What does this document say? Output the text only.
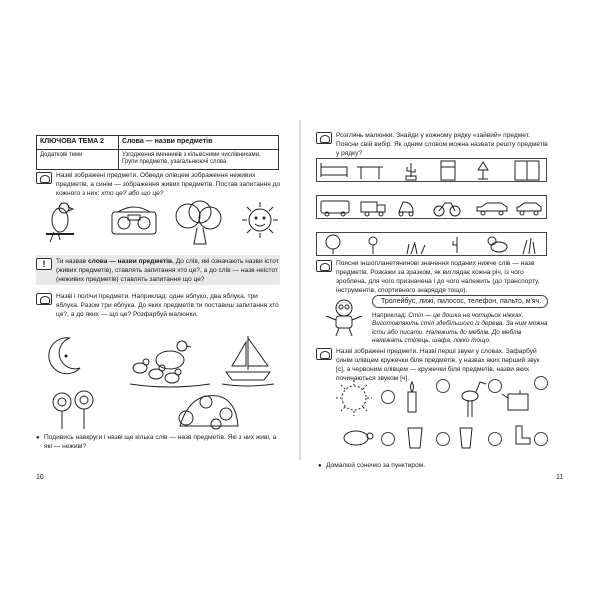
КЛЮЧОВА ТЕМА 2	Слова — назви предметів
Додаткові теми	Узгодження іменників з кількісними числівниками. Групи предметів, узагальнюючі слова
Назві зображені предмети. Обведи олівцем зображення неживих предметів, а синім — зображення живих предметів. Постав запитання до кожного з них: хто це? або що це?
!	Ти назвав слова — назви предметів. До слів, які означають назви істот (живих предметів), ставлять запитання хто це?, а до слів — назв неістот (неживих предметів) ставлять запитання що це?
Назві і полічи предмети. Наприклад: одне яблуко, два яблука, три яблука. Разом три яблука. До яких предметів ти поставиш запитання хто це?, а до яких — що це? Розфарбуй малюнки.
● Подивись навкруги і назві ще кілька слів — назв предметів. Які з них живі, а які — неживі?
10
Розглянь малюнки. Знайди у кожному рядку «зайвий» предмет. Поясни свій вибір. Як одним словом можна назвати решту предметів у рядку?
Поясни іншопланетянинові значення поданих нижче слів — назв предметів. Розкажи за зразком, як виглядає кожна річ, із чого зроблена, для чого призначена і до чого належить (до транспорту, інструментів, спортивного знаряддя тощо).
Тролейбус, лижі, пилосос, телефон, пальто, м'яч.
Наприклад: Стіл — це дошка на чотирьох ніжках. Виготовляють стіл здебільшого із дерева. За ним можна їсти або писати. Належить до меблів. До меблів належать стілець, шафа, ліжко тощо.
Назві зображені предмети. Назві перші звуки у словах. Зафарбуй синім олівцем кружечки біля предметів, у назвах яких перший звук [с], а червоним олівцем — кружечки біля предметів, назви яких починаються звуком [ч].
● Домалюй сонечко за пунктиром.
11
